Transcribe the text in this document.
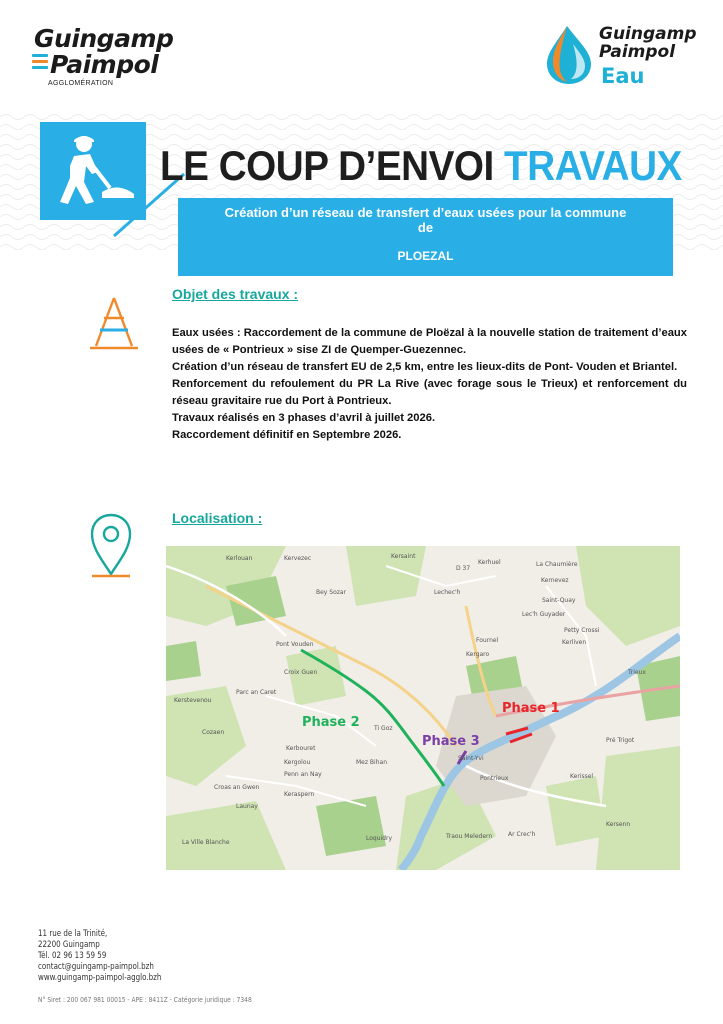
Guingamp
Paimpol
AGGLOMÉRATION
Guingamp
Paimpol
Eau
LE COUP D’ENVOI TRAVAUX
Création d’un réseau de transfert d’eaux usées pour la commune
de
PLOEZAL
Objet des travaux :

Eaux usées : Raccordement de la commune de Ploëzal à la nouvelle station de traitement d’eaux usées de « Pontrieux » sise ZI de Quemper-Guezennec.

Création d’un réseau de transfert EU de 2,5 km, entre les lieux-dits de Pont- Vouden et Briantel.

Renforcement du refoulement du PR La Rive (avec forage sous le Trieux) et renforcement du réseau gravitaire rue du Port à Pontrieux.

Travaux réalisés en 3 phases d’avril à juillet 2026.

Raccordement définitif en Septembre 2026.

Localisation :
Kerlouan	Kervezec	Kersaint
D 37
Bey Sozar	Lechec'h
Kerhuel	La Chaumière
Kernevez
Saint-Quay
Lec'h Guyader
Petty Crossi
Kerliven
Fournel
Kergaro
Pont Vouden
Croix Guen
Parc an Caret
Kerstevenou
Ti Goz
Mez Bihan
Kerbouret
Kergolou
Penn an Nay
Keraspern
Cozaen
Croas an Gwen
Launay
La Ville Blanche
Loquidry
Pontrieux
Saint-Yvi
Traou Meledern	Ar Crec'h
Kersenn
Trieux
Pré Trigot
Kerissel
Phase 2
Phase 3
Phase 1
11 rue de la Trinité,
22200 Guingamp
Tél. 02 96 13 59 59
contact@guingamp-paimpol.bzh
www.guingamp-paimpol-agglo.bzh
N° Siret : 200 067 981 00015 - APE : 8411Z - Catégorie juridique : 7348
